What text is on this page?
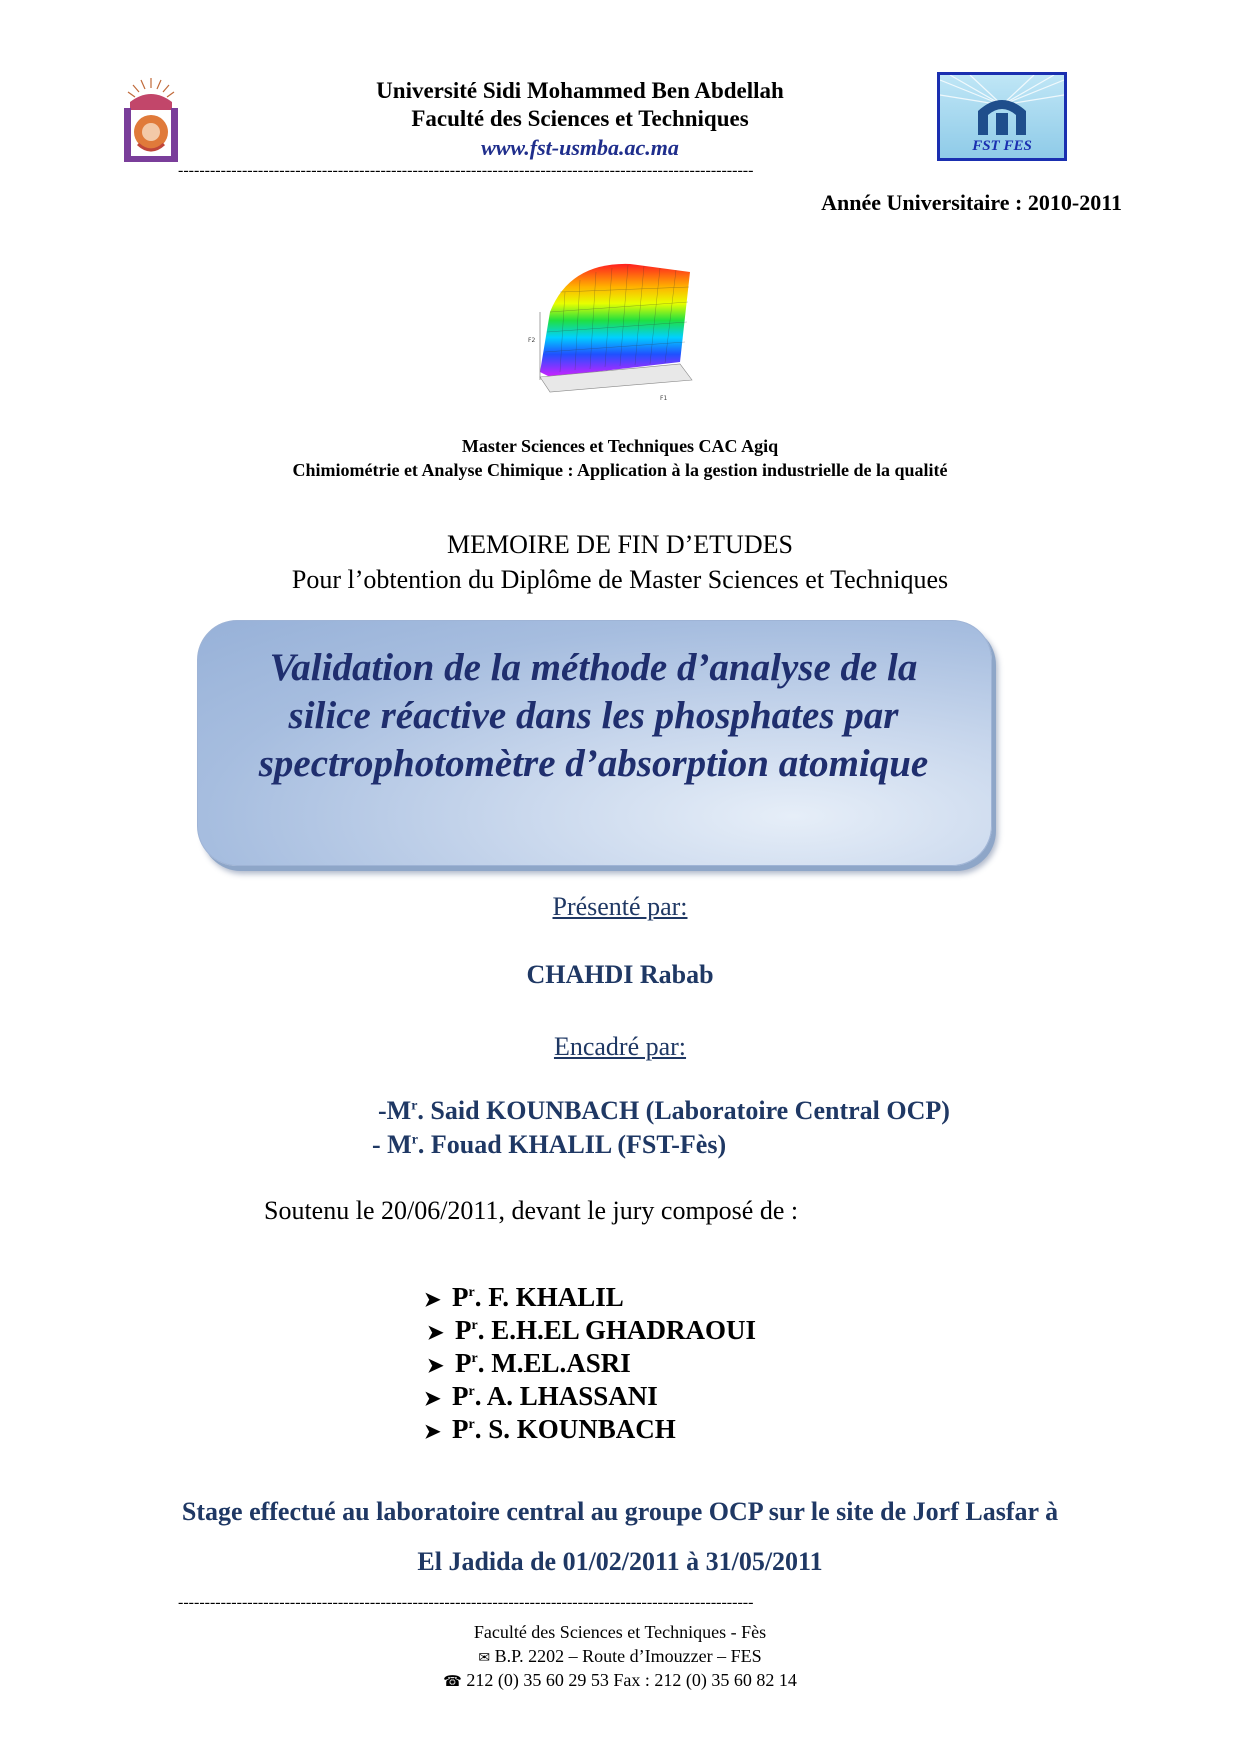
FST FES
Université Sidi Mohammed Ben Abdellah
Faculté des Sciences et Techniques
www.fst-usmba.ac.ma
------------------------------------------------------------------------------------------------------------
Année Universitaire : 2010-2011
F2
F1
Master Sciences et Techniques CAC Agiq
Chimiométrie et Analyse Chimique : Application à la gestion industrielle de la qualité
MEMOIRE DE FIN D’ETUDES
Pour l’obtention du Diplôme de Master Sciences et Techniques
Validation de la méthode d’analyse de la
silice réactive dans les phosphates par
spectrophotomètre d’absorption atomique
Présenté par:
CHAHDI Rabab
Encadré par:
$-M^r$. Said KOUNBACH (Laboratoire Central OCP)
- $M^r$. Fouad KHALIL (FST-Fès)
Soutenu le 20/06/2011, devant le jury composé de :
➤ $P^r$. F. KHALIL
➤ $P^r$. E.H.EL GHADRAOUI
➤ $P^r$. M.EL.ASRI
➤ $P^r$. A. LHASSANI
➤ $P^r$. S. KOUNBACH
Stage effectué au laboratoire central au groupe OCP sur le site de Jorf Lasfar à
El Jadida de 01/02/2011 à 31/05/2011
------------------------------------------------------------------------------------------------------------
Faculté des Sciences et Techniques - Fès
✉ B.P. 2202 – Route d’Imouzzer – FES
☎ 212 (0) 35 60 29 53 Fax : 212 (0) 35 60 82 14
